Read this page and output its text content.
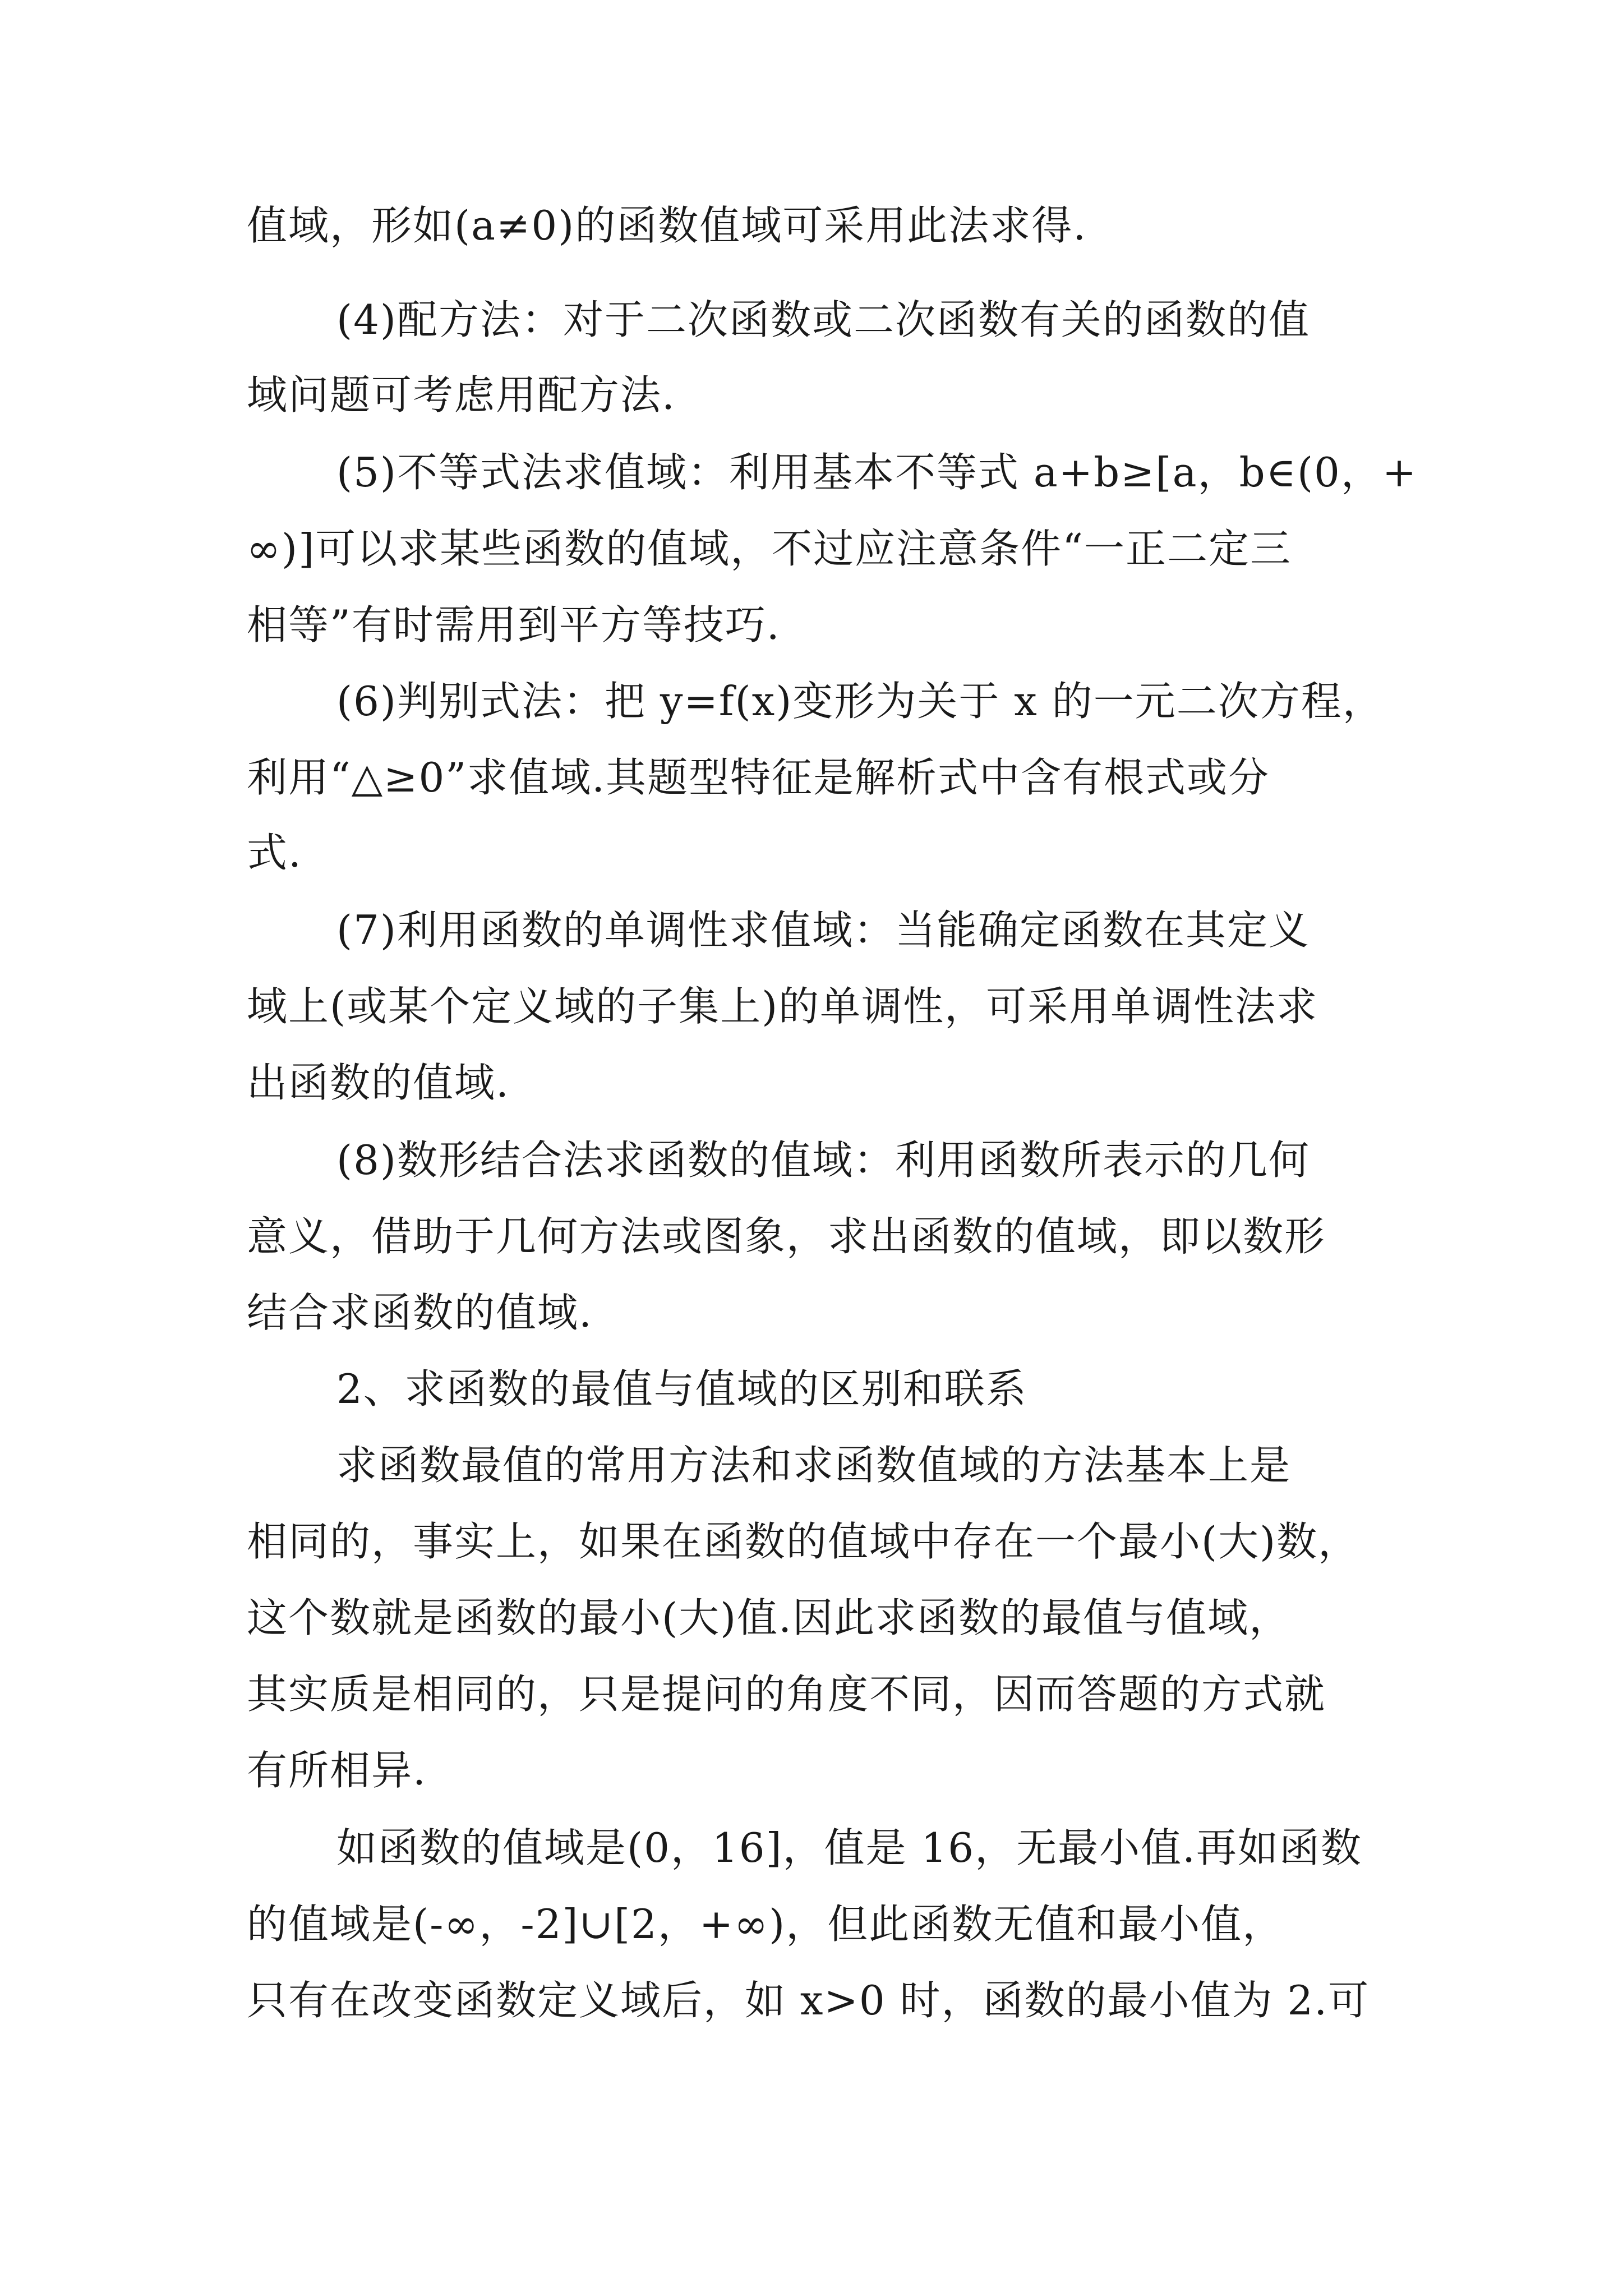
值域，形如(a≠0)的函数值域可采用此法求得.

(4)配方法：对于二次函数或二次函数有关的函数的值

域问题可考虑用配方法.

(5)不等式法求值域：利用基本不等式 a+b≥[a，b∈(0，+

∞)]可以求某些函数的值域，不过应注意条件“一正二定三

相等”有时需用到平方等技巧.

(6)判别式法：把 y=f(x)变形为关于 x 的一元二次方程，

利用“△≥0”求值域.其题型特征是解析式中含有根式或分

式.

(7)利用函数的单调性求值域：当能确定函数在其定义

域上(或某个定义域的子集上)的单调性，可采用单调性法求

出函数的值域.

(8)数形结合法求函数的值域：利用函数所表示的几何

意义，借助于几何方法或图象，求出函数的值域，即以数形

结合求函数的值域.

2、求函数的最值与值域的区别和联系

求函数最值的常用方法和求函数值域的方法基本上是

相同的，事实上，如果在函数的值域中存在一个最小(大)数，

这个数就是函数的最小(大)值.因此求函数的最值与值域，

其实质是相同的，只是提问的角度不同，因而答题的方式就

有所相异.

如函数的值域是(0，16]，值是 16，无最小值.再如函数

的值域是(-∞，-2]∪[2，+∞)，但此函数无值和最小值，

只有在改变函数定义域后，如 x>0 时，函数的最小值为 2.可
